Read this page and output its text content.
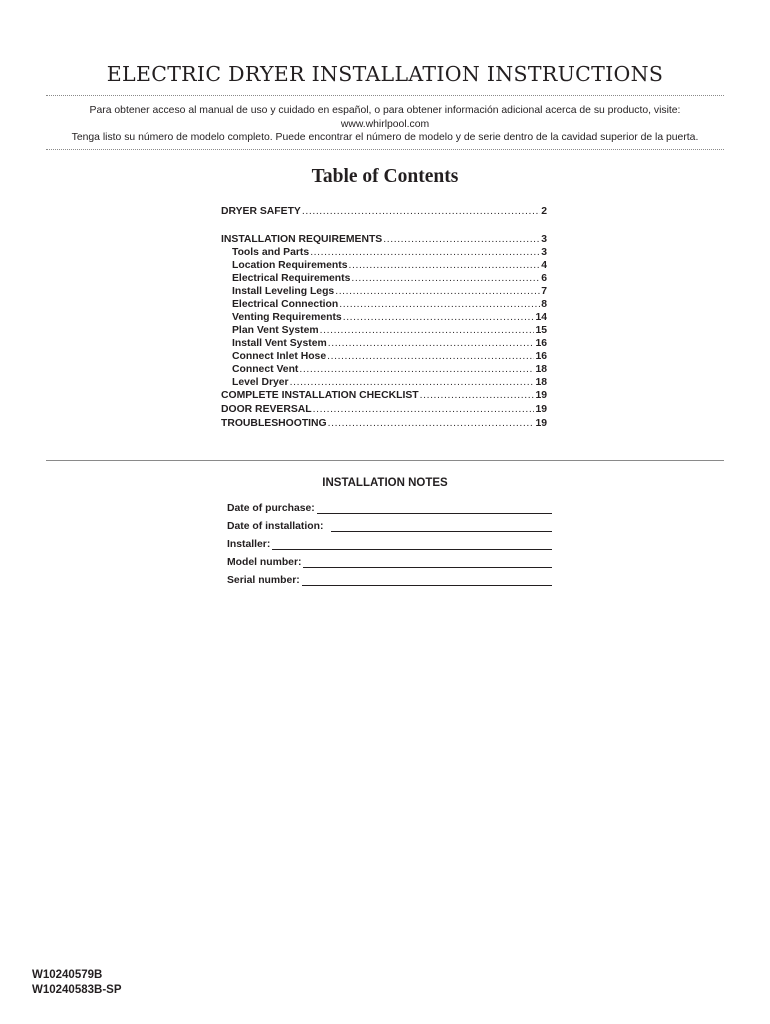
ELECTRIC DRYER INSTALLATION INSTRUCTIONS
Para obtener acceso al manual de uso y cuidado en español, o para obtener información adicional acerca de su producto, visite:
www.whirlpool.com
Tenga listo su número de modelo completo. Puede encontrar el número de modelo y de serie dentro de la cavidad superior de la puerta.
Table of Contents
DRYER SAFETY .....	2
INSTALLATION REQUIREMENTS .....	3
Tools and Parts .....	3
Location Requirements .....	4
Electrical Requirements .....	6
Install Leveling Legs .....	7
Electrical Connection .....	8
Venting Requirements .....	14
Plan Vent System .....	15
Install Vent System .....	16
Connect Inlet Hose .....	16
Connect Vent .....	18
Level Dryer .....	18
COMPLETE INSTALLATION CHECKLIST .....	19
DOOR REVERSAL .....	19
TROUBLESHOOTING .....	19
INSTALLATION NOTES
Date of purchase:
Date of installation:
Installer:
Model number:
Serial number:
W10240579B
W10240583B-SP
